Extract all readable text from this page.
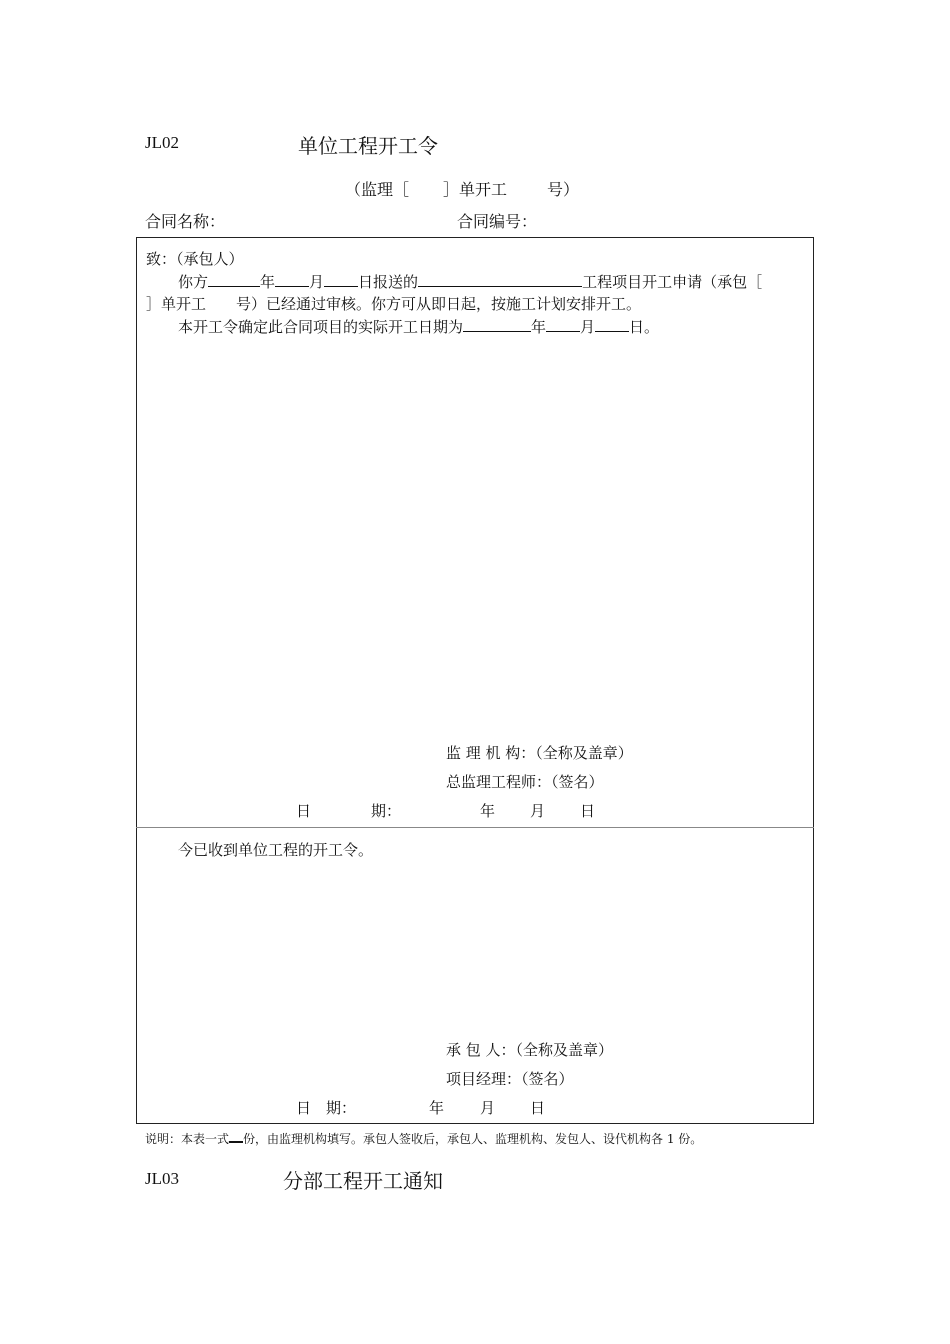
JL02	单位工程开工令
（监理［ ］单开工	号）
合同名称：	合同编号：
致：（承包人）
你方	年 月 日报送的	工程项目开工申请（承包［
］单开工 号）已经通过审核。你方可从即日起，按施工计划安排开工。
本开工令确定此合同项目的实际开工日期为	年 月 日。
监 理 机 构：（全称及盖章）
总监理工程师：（签名）
日　　　　期：	年 月 日
今已收到单位工程的开工令。
承 包 人：（全称及盖章）
项目经理：（签名）
日　期：	年 月 日
说明：本表一式 份，由监理机构填写。承包人签收后，承包人、监理机构、发包人、设代机构各 1 份。
JL03	分部工程开工通知
